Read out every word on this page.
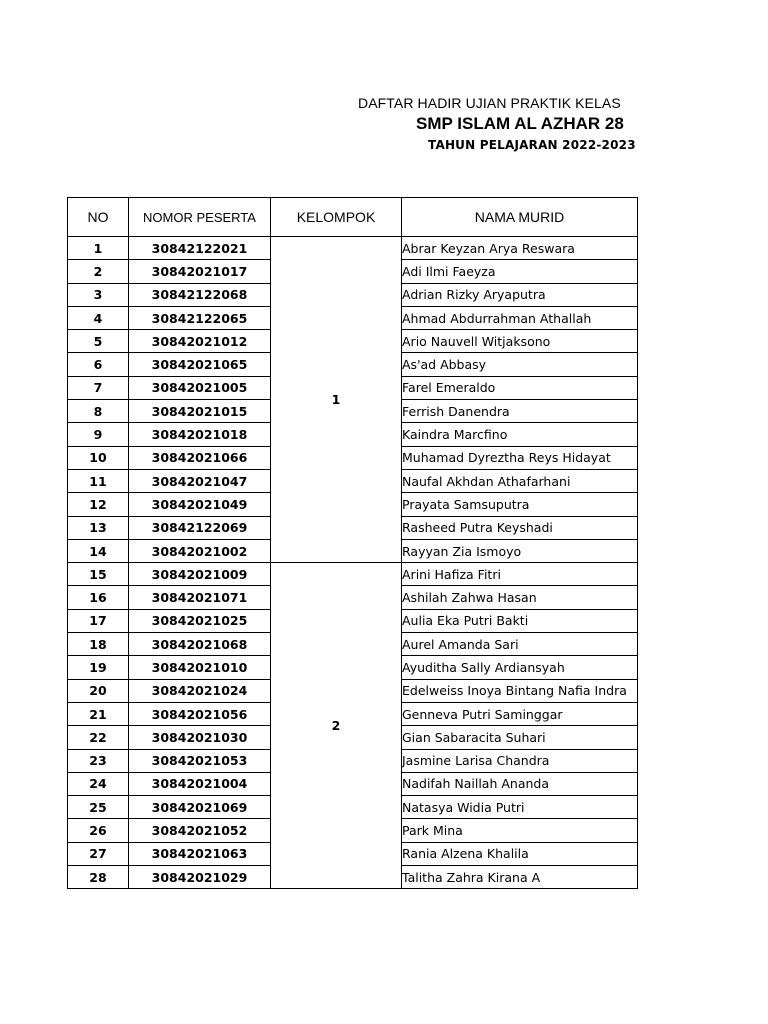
DAFTAR HADIR UJIAN PRAKTIK KELAS
SMP ISLAM AL AZHAR 28
TAHUN PELAJARAN 2022-2023
NO	NOMOR PESERTA	KELOMPOK	NAMA MURID
1	30842122021	1	Abrar Keyzan Arya Reswara
2	30842021017		Adi Ilmi Faeyza
3	30842122068		Adrian Rizky Aryaputra
4	30842122065		Ahmad Abdurrahman Athallah
5	30842021012		Ario Nauvell Witjaksono
6	30842021065		As'ad Abbasy
7	30842021005		Farel Emeraldo
8	30842021015		Ferrish Danendra
9	30842021018		Kaindra Marcfino
10	30842021066		Muhamad Dyreztha Reys Hidayat
11	30842021047		Naufal Akhdan Athafarhani
12	30842021049		Prayata Samsuputra
13	30842122069		Rasheed Putra Keyshadi
14	30842021002		Rayyan Zia Ismoyo
15	30842021009	2	Arini Hafiza Fitri
16	30842021071		Ashilah Zahwa Hasan
17	30842021025		Aulia Eka Putri Bakti
18	30842021068		Aurel Amanda Sari
19	30842021010		Ayuditha Sally Ardiansyah
20	30842021024		Edelweiss Inoya Bintang Nafia Indra
21	30842021056		Genneva Putri Saminggar
22	30842021030		Gian Sabaracita Suhari
23	30842021053		Jasmine Larisa Chandra
24	30842021004		Nadifah Naillah Ananda
25	30842021069		Natasya Widia Putri
26	30842021052		Park Mina
27	30842021063		Rania Alzena Khalila
28	30842021029		Talitha Zahra Kirana A
